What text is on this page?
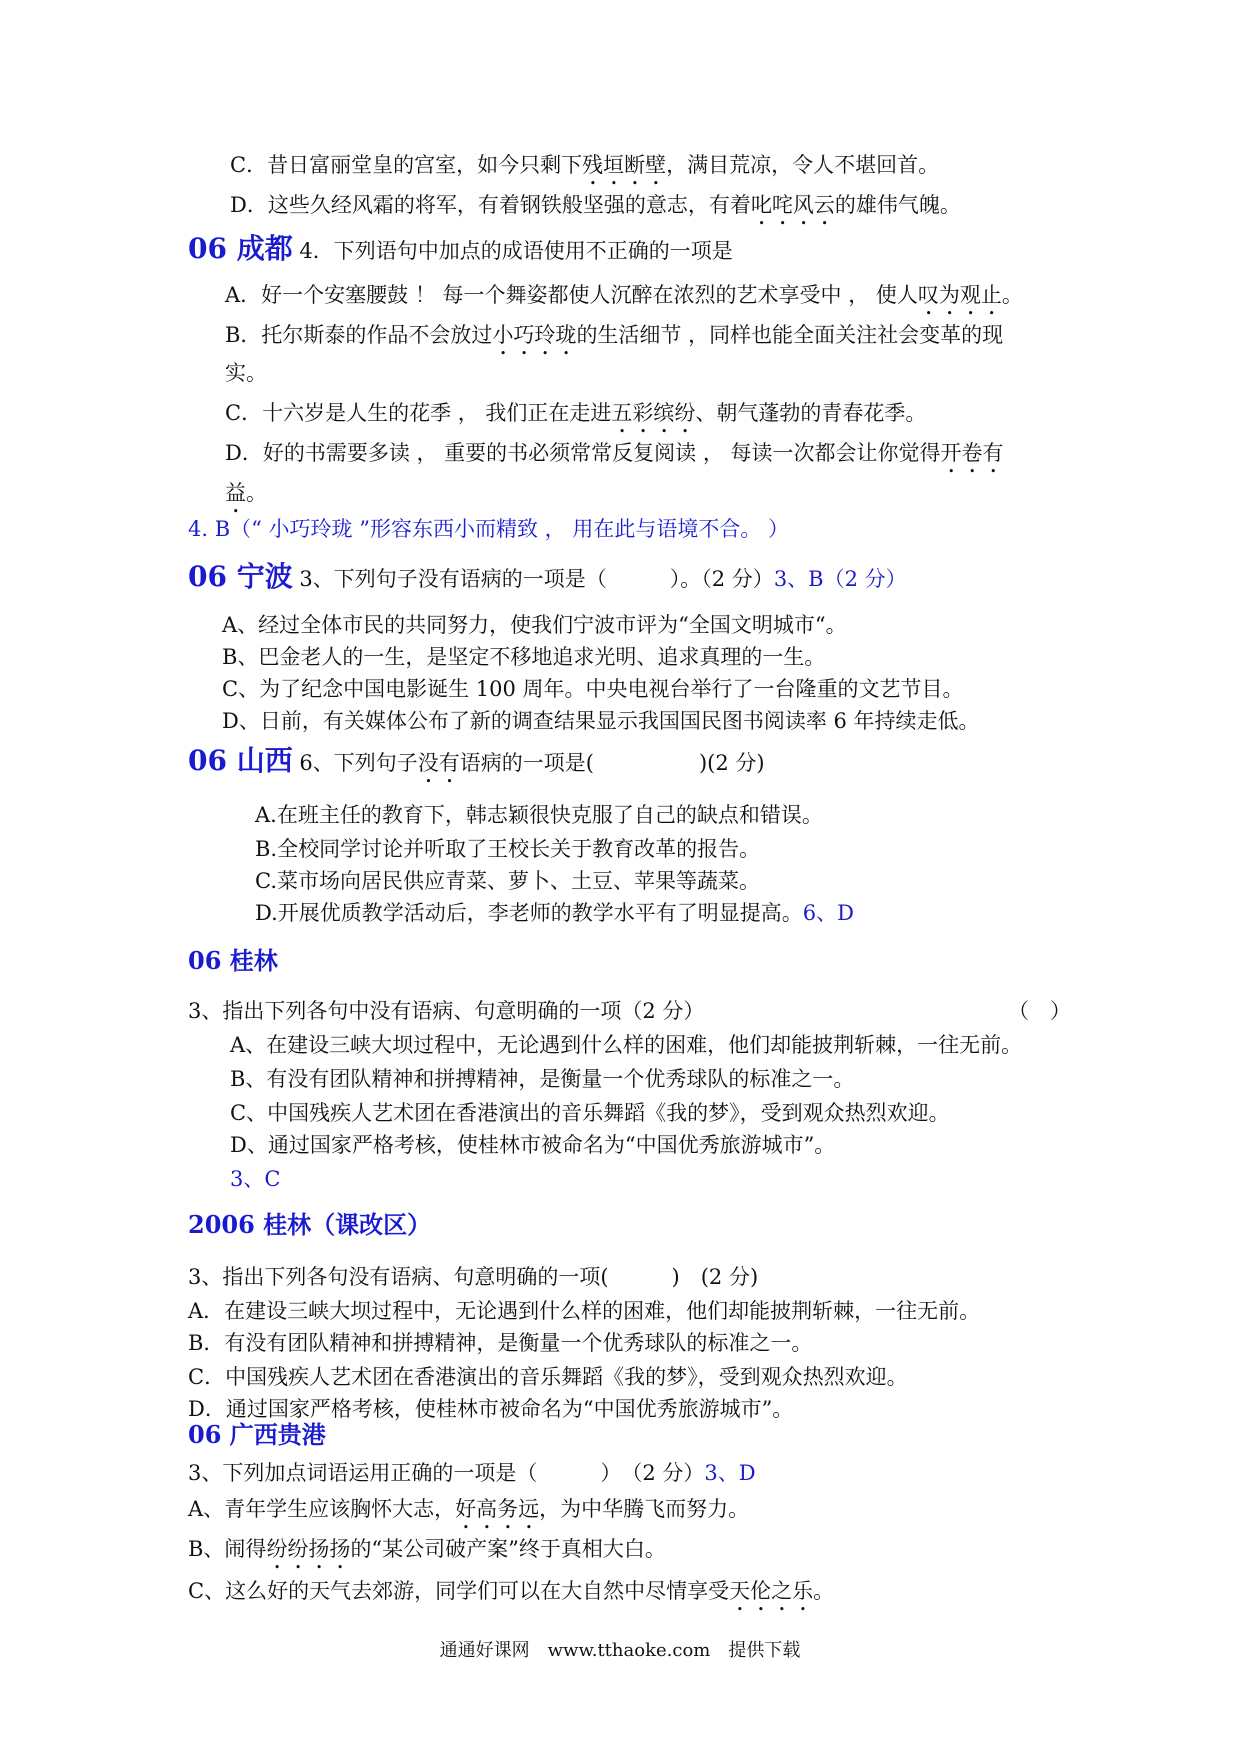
C．昔日富丽堂皇的宫室，如今只剩下残垣断壁，满目荒凉，令人不堪回首。
D．这些久经风霜的将军，有着钢铁般坚强的意志，有着叱咤风云的雄伟气魄。
06 成都 4．下列语句中加点的成语使用不正确的一项是
A．好一个安塞腰鼓 ！ 每一个舞姿都使人沉醉在浓烈的艺术享受中 ， 使人叹为观止。
B．托尔斯泰的作品不会放过小巧玲珑的生活细节 ，同样也能全面关注社会变革的现
实。
C．十六岁是人生的花季 ， 我们正在走进五彩缤纷、朝气蓬勃的青春花季。
D．好的书需要多读 ， 重要的书必须常常反复阅读 ， 每读一次都会让你觉得开卷有
益。
4. B（“ 小巧玲珑 ”形容东西小而精致 ， 用在此与语境不合。 ）
06 宁波 3、下列句子没有语病的一项是（　　　）。（2 分）3、B（2 分）
A、经过全体市民的共同努力，使我们宁波市评为“全国文明城市“。
B、巴金老人的一生，是坚定不移地追求光明、追求真理的一生。
C、为了纪念中国电影诞生 100 周年。中央电视台举行了一台隆重的文艺节目。
D、日前，有关媒体公布了新的调查结果显示我国国民图书阅读率 6 年持续走低。
06 山西 6、下列句子没有语病的一项是(　　　　　)(2 分)
A.在班主任的教育下，韩志颖很快克服了自己的缺点和错误。
B.全校同学讨论并听取了王校长关于教育改革的报告。
C.菜市场向居民供应青菜、萝卜、土豆、苹果等蔬菜。
D.开展优质教学活动后，李老师的教学水平有了明显提高。6、D
06 桂林
3、指出下列各句中没有语病、句意明确的一项（2 分）	（　）
A、在建设三峡大坝过程中，无论遇到什么样的困难，他们却能披荆斩棘，一往无前。
B、有没有团队精神和拼搏精神，是衡量一个优秀球队的标准之一。
C、中国残疾人艺术团在香港演出的音乐舞蹈《我的梦》，受到观众热烈欢迎。
D、通过国家严格考核，使桂林市被命名为“中国优秀旅游城市”。
3、C
2006 桂林（课改区）
3、指出下列各句没有语病、句意明确的一项(　　　)　(2 分)
A．在建设三峡大坝过程中，无论遇到什么样的困难，他们却能披荆斩棘，一往无前。
B．有没有团队精神和拼搏精神，是衡量一个优秀球队的标准之一。
C．中国残疾人艺术团在香港演出的音乐舞蹈《我的梦》，受到观众热烈欢迎。
D．通过国家严格考核，使桂林市被命名为“中国优秀旅游城市”。
06 广西贵港
3、下列加点词语运用正确的一项是（　　　）　（2 分）3、D
A、青年学生应该胸怀大志，好高务远，为中华腾飞而努力。
B、闹得纷纷扬扬的“某公司破产案”终于真相大白。
C、这么好的天气去郊游，同学们可以在大自然中尽情享受天伦之乐。
通通好课网　www.tthaoke.com　提供下载
